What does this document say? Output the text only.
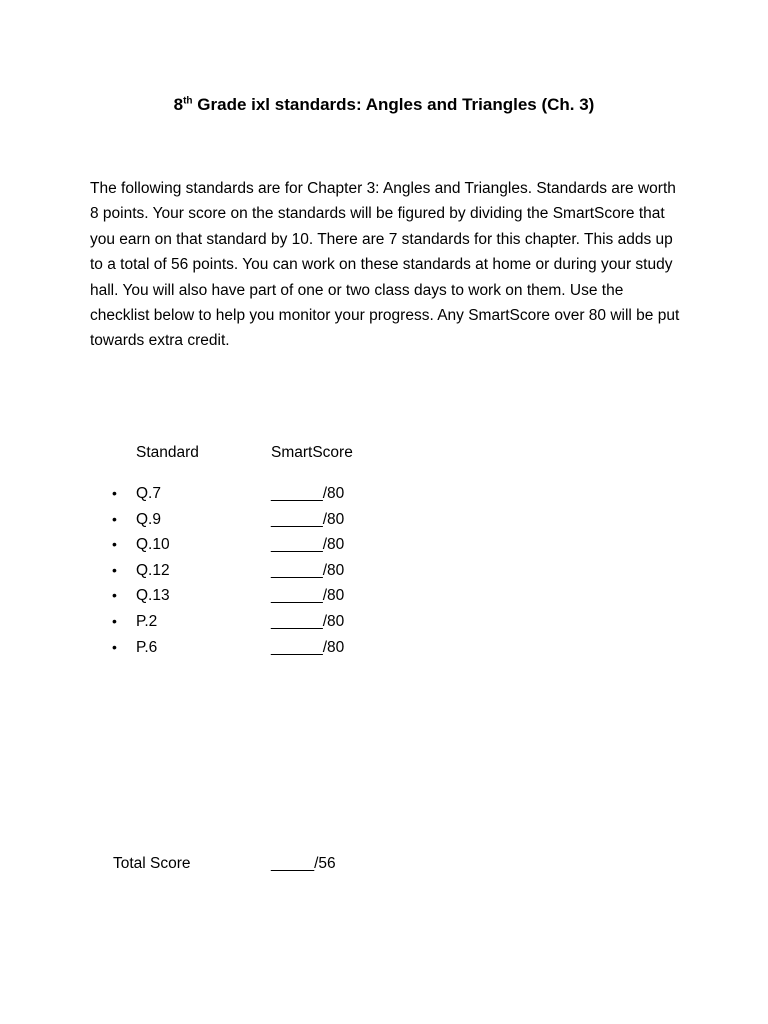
8th Grade ixl standards: Angles and Triangles (Ch. 3)

The following standards are for Chapter 3: Angles and Triangles. Standards are worth 8 points. Your score on the standards will be figured by dividing the SmartScore that you earn on that standard by 10. There are 7 standards for this chapter. This adds up to a total of 56 points. You can work on these standards at home or during your study hall. You will also have part of one or two class days to work on them. Use the checklist below to help you monitor your progress. Any SmartScore over 80 will be put towards extra credit.

Standard	SmartScore
• Q.7	______/80
• Q.9	______/80
• Q.10	______/80
• Q.12	______/80
• Q.13	______/80
• P.2	______/80
• P.6	______/80
Total Score	_____/56
